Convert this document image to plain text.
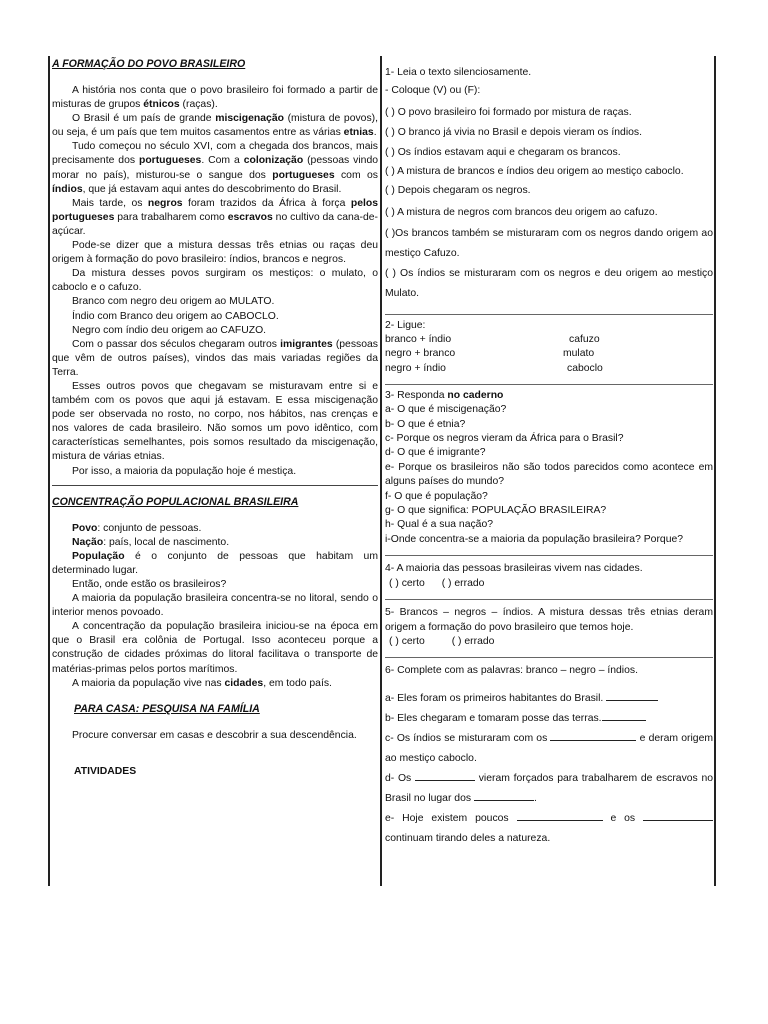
A FORMAÇÃO DO POVO BRASILEIRO

A história nos conta que o povo brasileiro foi formado a partir de misturas de grupos étnicos (raças).

O Brasil é um país de grande miscigenação (mistura de povos), ou seja, é um país que tem muitos casamentos entre as várias etnias.

Tudo começou no século XVI, com a chegada dos brancos, mais precisamente dos portugueses. Com a colonização (pessoas vindo morar no país), misturou-se o sangue dos portugueses com os índios, que já estavam aqui antes do descobrimento do Brasil.

Mais tarde, os negros foram trazidos da África à força pelos portugueses para trabalharem como escravos no cultivo da cana-de-açúcar.

Pode-se dizer que a mistura dessas três etnias ou raças deu origem à formação do povo brasileiro: índios, brancos e negros.

Da mistura desses povos surgiram os mestiços: o mulato, o caboclo e o cafuzo.

Branco com negro deu origem ao MULATO.

Índio com Branco deu origem ao CABOCLO.

Negro com índio deu origem ao CAFUZO.

Com o passar dos séculos chegaram outros imigrantes (pessoas que vêm de outros países), vindos das mais variadas regiões da Terra.

Esses outros povos que chegavam se misturavam entre si e também com os povos que aqui já estavam. E essa miscigenação pode ser observada no rosto, no corpo, nos hábitos, nas crenças e nos valores de cada brasileiro. Não somos um povo idêntico, com características semelhantes, pois somos resultado da miscigenação, mistura de várias etnias.

Por isso, a maioria da população hoje é mestiça.

CONCENTRAÇÃO POPULACIONAL BRASILEIRA

Povo: conjunto de pessoas.

Nação: país, local de nascimento.

População é o conjunto de pessoas que habitam um determinado lugar.

Então, onde estão os brasileiros?

A maioria da população brasileira concentra-se no litoral, sendo o interior menos povoado.

A concentração da população brasileira iniciou-se na época em que o Brasil era colônia de Portugal. Isso aconteceu porque a construção de cidades próximas do litoral facilitava o transporte de matérias-primas pelos portos marítimos.

A maioria da população vive nas cidades, em todo país.

PARA CASA: PESQUISA NA FAMÍLIA

Procure conversar em casas e descobrir a sua descendência.

ATIVIDADES

1- Leia o texto silenciosamente.

- Coloque (V) ou (F):

( ) O povo brasileiro foi formado por mistura de raças.

( ) O branco já vivia no Brasil e depois vieram os índios.

( ) Os índios estavam aqui e chegaram os brancos.

( ) A mistura de brancos e índios deu origem ao mestiço caboclo.

( ) Depois chegaram os negros.

( ) A mistura de negros com brancos deu origem ao cafuzo.

( )Os brancos também se misturaram com os negros dando origem ao mestiço Cafuzo.

( ) Os índios se misturaram com os negros e deu origem ao mestiço Mulato.

2- Ligue:

branco + índio	cafuzo
negro + branco	mulato
negro + índio	caboclo

3- Responda no caderno

a- O que é miscigenação?

b- O que é etnia?

c- Porque os negros vieram da África para o Brasil?

d- O que é imigrante?

e- Porque os brasileiros não são todos parecidos como acontece em alguns países do mundo?

f- O que é população?

g- O que significa: POPULAÇÃO BRASILEIRA?

h- Qual é a sua nação?

i-Onde concentra-se a maioria da população brasileira? Porque?

4- A maioria das pessoas brasileiras vivem nas cidades.

( ) certo ( ) errado

5- Brancos – negros – índios. A mistura dessas três etnias deram origem a formação do povo brasileiro que temos hoje.

( ) certo	( ) errado

6- Complete com as palavras: branco – negro – índios.

a- Eles foram os primeiros habitantes do Brasil.

b- Eles chegaram e tomaram posse das terras.

c- Os índios se misturaram com os	e deram origem ao mestiço caboclo.

d- Os	vieram forçados para trabalharem de escravos no Brasil no lugar dos	.

e- Hoje existem poucos	e os  continuam tirando deles a natureza.
